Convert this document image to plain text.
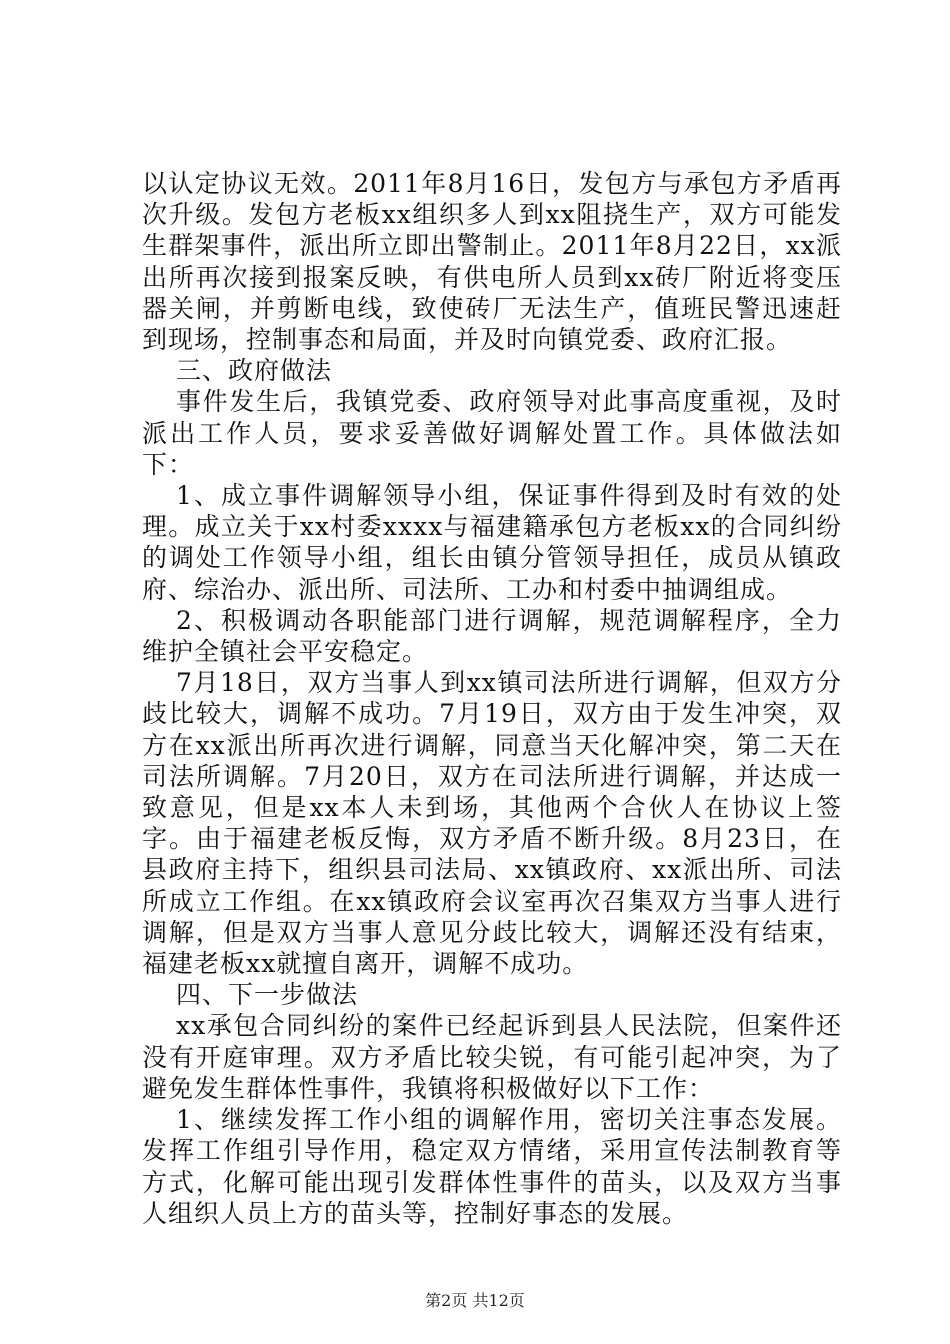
以认定协议无效。2011年8月16日，发包方与承包方矛盾再次升级。发包方老板xx组织多人到xx阻挠生产，双方可能发生群架事件，派出所立即出警制止。2011年8月22日，xx派出所再次接到报案反映，有供电所人员到xx砖厂附近将变压器关闸，并剪断电线，致使砖厂无法生产，值班民警迅速赶到现场，控制事态和局面，并及时向镇党委、政府汇报。

三、政府做法

事件发生后，我镇党委、政府领导对此事高度重视，及时派出工作人员，要求妥善做好调解处置工作。具体做法如下：

1、成立事件调解领导小组，保证事件得到及时有效的处理。成立关于xx村委xxxx与福建籍承包方老板xx的合同纠纷的调处工作领导小组，组长由镇分管领导担任，成员从镇政府、综治办、派出所、司法所、工办和村委中抽调组成。

2、积极调动各职能部门进行调解，规范调解程序，全力维护全镇社会平安稳定。

7月18日，双方当事人到xx镇司法所进行调解，但双方分歧比较大，调解不成功。7月19日，双方由于发生冲突，双方在xx派出所再次进行调解，同意当天化解冲突，第二天在司法所调解。7月20日，双方在司法所进行调解，并达成一致意见，但是xx本人未到场，其他两个合伙人在协议上签字。由于福建老板反悔，双方矛盾不断升级。8月23日，在县政府主持下，组织县司法局、xx镇政府、xx派出所、司法所成立工作组。在xx镇政府会议室再次召集双方当事人进行调解，但是双方当事人意见分歧比较大，调解还没有结束，福建老板xx就擅自离开，调解不成功。

四、下一步做法

xx承包合同纠纷的案件已经起诉到县人民法院，但案件还没有开庭审理。双方矛盾比较尖锐，有可能引起冲突，为了避免发生群体性事件，我镇将积极做好以下工作：

1、继续发挥工作小组的调解作用，密切关注事态发展。发挥工作组引导作用，稳定双方情绪，采用宣传法制教育等方式，化解可能出现引发群体性事件的苗头，以及双方当事人组织人员上方的苗头等，控制好事态的发展。

第2页 共12页
